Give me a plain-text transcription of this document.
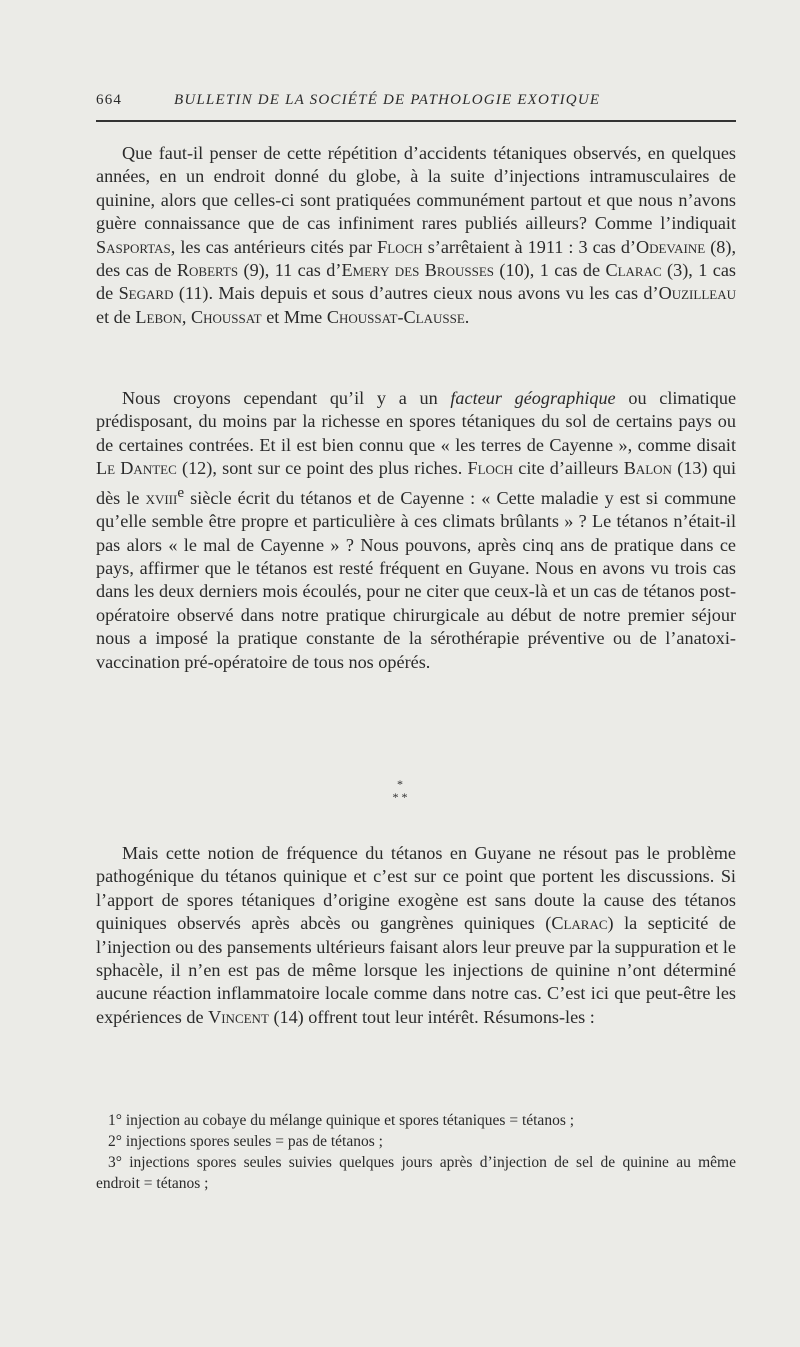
664	BULLETIN DE LA SOCIÉTÉ DE PATHOLOGIE EXOTIQUE

Que faut-il penser de cette répétition d’accidents tétaniques observés, en quelques années, en un endroit donné du globe, à la suite d’injections intramusculaires de quinine, alors que celles-ci sont pratiquées communément partout et que nous n’avons guère connaissance que de cas infiniment rares publiés ailleurs? Comme l’indiquait Sasportas, les cas antérieurs cités par Floch s’arrêtaient à 1911 : 3 cas d’Odevaine (8), des cas de Roberts (9), 11 cas d’Emery des Brousses (10), 1 cas de Clarac (3), 1 cas de Segard (11). Mais depuis et sous d’autres cieux nous avons vu les cas d’Ouzilleau et de Lebon, Choussat et Mme Choussat-Clausse.

Nous croyons cependant qu’il y a un facteur géographique ou climatique prédisposant, du moins par la richesse en spores tétaniques du sol de certains pays ou de certaines contrées. Et il est bien connu que « les terres de Cayenne », comme disait Le Dantec (12), sont sur ce point des plus riches. Floch cite d’ailleurs Balon (13) qui dès le xviii$^e$ siècle écrit du tétanos et de Cayenne : « Cette maladie y est si commune qu’elle semble être propre et particulière à ces climats brûlants » ? Le tétanos n’était-il pas alors « le mal de Cayenne » ? Nous pouvons, après cinq ans de pratique dans ce pays, affirmer que le tétanos est resté fréquent en Guyane. Nous en avons vu trois cas dans les deux derniers mois écoulés, pour ne citer que ceux-là et un cas de tétanos post-opératoire observé dans notre pratique chirurgicale au début de notre premier séjour nous a imposé la pratique constante de la sérothérapie préventive ou de l’anatoxi-vaccination pré-opératoire de tous nos opérés.

*
* *

Mais cette notion de fréquence du tétanos en Guyane ne résout pas le problème pathogénique du tétanos quinique et c’est sur ce point que portent les discussions. Si l’apport de spores tétaniques d’origine exogène est sans doute la cause des tétanos quiniques observés après abcès ou gangrènes quiniques (Clarac) la septicité de l’injection ou des pansements ultérieurs faisant alors leur preuve par la suppuration et le sphacèle, il n’en est pas de même lorsque les injections de quinine n’ont déterminé aucune réaction inflammatoire locale comme dans notre cas. C’est ici que peut-être les expériences de Vincent (14) offrent tout leur intérêt. Résumons-les :

1° injection au cobaye du mélange quinique et spores tétaniques = tétanos ;

2° injections spores seules = pas de tétanos ;

3° injections spores seules suivies quelques jours après d’injection de sel de quinine au même endroit = tétanos ;
